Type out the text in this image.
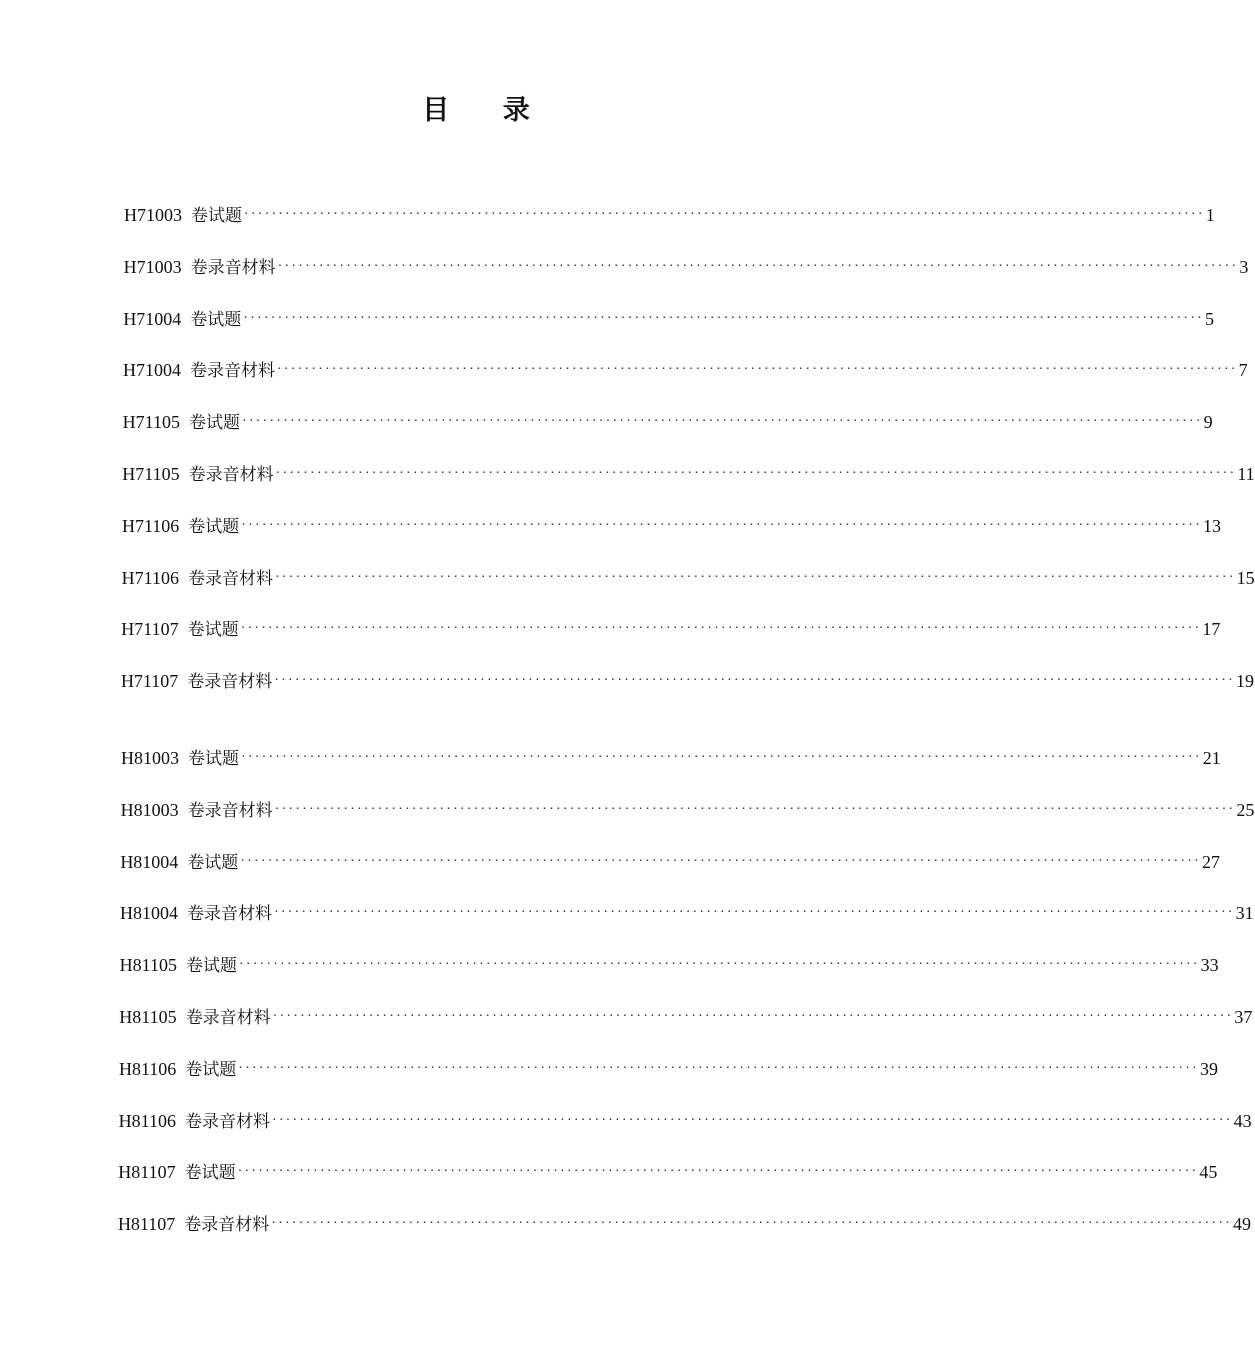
目 录
H71003 卷试题 ············································································································································ 1
H71003 卷录音材料 ············································································································································ 3
H71004 卷试题 ············································································································································ 5
H71004 卷录音材料 ············································································································································ 7
H71105 卷试题 ············································································································································ 9
H71105 卷录音材料 ············································································································································ 11
H71106 卷试题 ············································································································································ 13
H71106 卷录音材料 ············································································································································ 15
H71107 卷试题 ············································································································································ 17
H71107 卷录音材料 ············································································································································ 19
H81003 卷试题 ············································································································································ 21
H81003 卷录音材料 ············································································································································ 25
H81004 卷试题 ············································································································································ 27
H81004 卷录音材料 ············································································································································ 31
H81105 卷试题 ············································································································································ 33
H81105 卷录音材料 ············································································································································ 37
H81106 卷试题 ············································································································································ 39
H81106 卷录音材料 ············································································································································ 43
H81107 卷试题 ············································································································································ 45
H81107 卷录音材料 ············································································································································ 49
